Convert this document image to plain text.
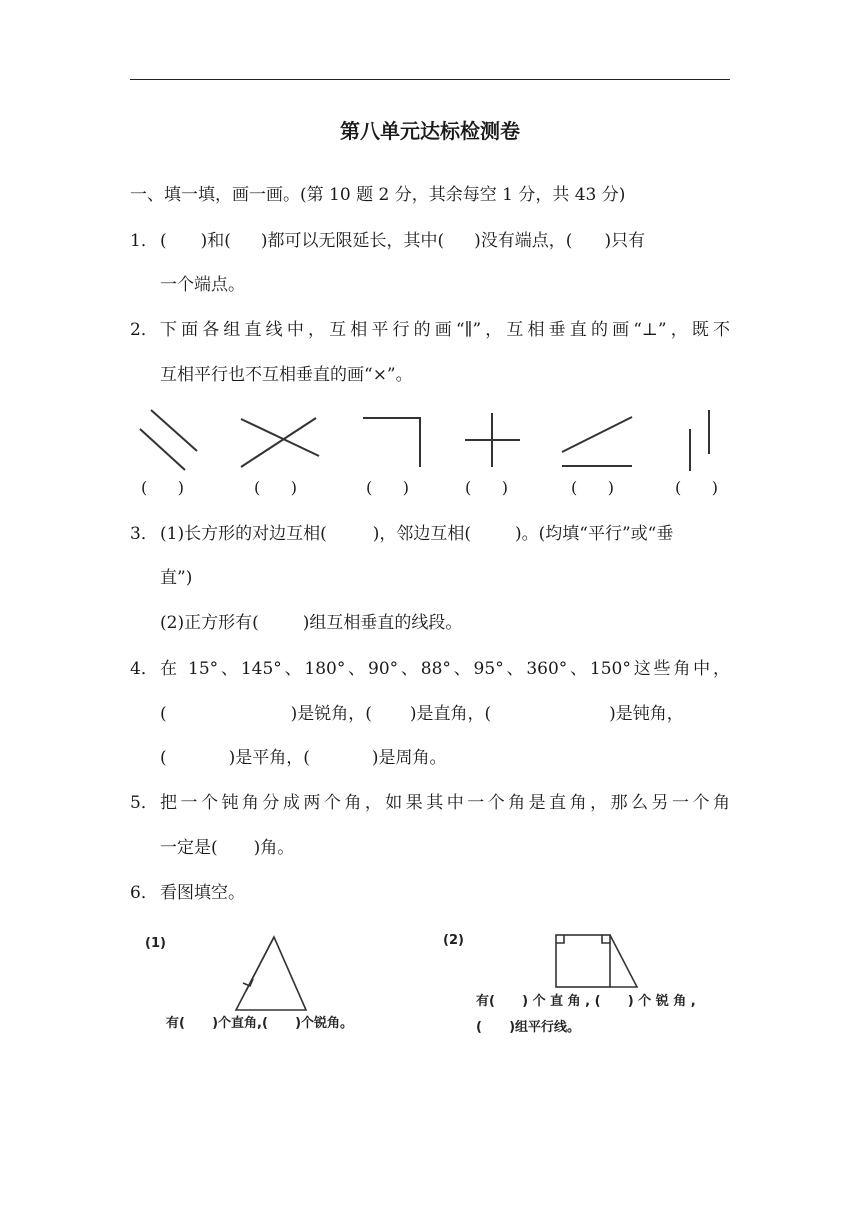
第八单元达标检测卷
一、填一填，画一画。(第 10 题 2 分，其余每空 1 分，共 43 分)
1． ( )和( )都可以无限延长，其中( )没有端点，( )只有
一个端点。
2． 下面各组直线中，互相平行的画“∥”，互相垂直的画“⊥”，既不
互相平行也不互相垂直的画“×”。
(      )	(      )	(      )	(      )	(      )	(      )
3． (1)长方形的对边互相(	)，邻边互相(	)。(均填“平行”或“垂
直”)
(2)正方形有(	)组互相垂直的线段。
4． 在 15°、145°、180°、90°、88°、95°、360°、150°这些角中，
(	)是锐角，( )是直角，(	)是钝角，
(	)是平角，(	)是周角。
5． 把一个钝角分成两个角，如果其中一个角是直角，那么另一个角
一定是( )角。
6． 看图填空。
(1)
有(      )个直角,(      )个锐角。
(2)
有(      ) 个 直 角 , (      ) 个 锐 角 ,
(      )组平行线。
